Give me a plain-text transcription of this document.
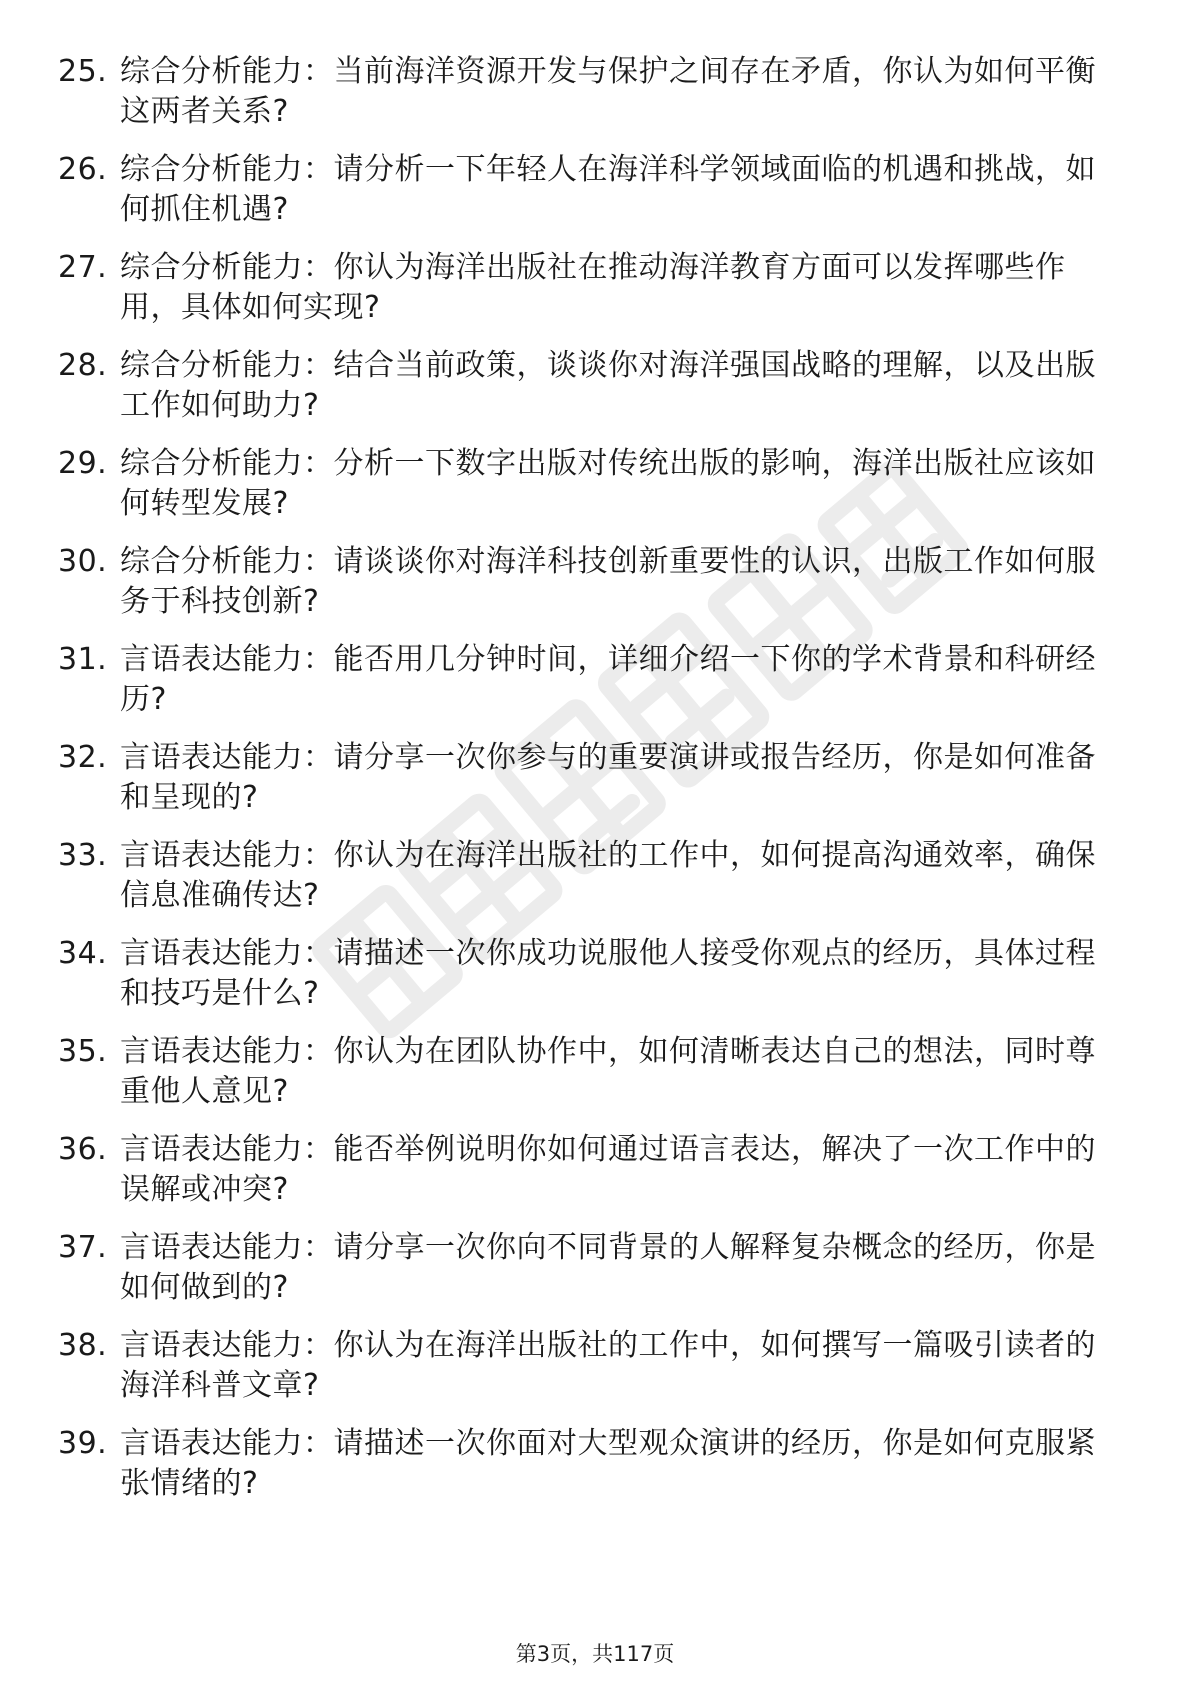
25. 综合分析能力：当前海洋资源开发与保护之间存在矛盾，你认为如何平衡这两者关系?
26. 综合分析能力：请分析一下年轻人在海洋科学领域面临的机遇和挑战，如何抓住机遇?
27. 综合分析能力：你认为海洋出版社在推动海洋教育方面可以发挥哪些作用，具体如何实现?
28. 综合分析能力：结合当前政策，谈谈你对海洋强国战略的理解，以及出版工作如何助力?
29. 综合分析能力：分析一下数字出版对传统出版的影响，海洋出版社应该如何转型发展?
30. 综合分析能力：请谈谈你对海洋科技创新重要性的认识，出版工作如何服务于科技创新?
31. 言语表达能力：能否用几分钟时间，详细介绍一下你的学术背景和科研经历?
32. 言语表达能力：请分享一次你参与的重要演讲或报告经历，你是如何准备和呈现的?
33. 言语表达能力：你认为在海洋出版社的工作中，如何提高沟通效率，确保信息准确传达?
34. 言语表达能力：请描述一次你成功说服他人接受你观点的经历，具体过程和技巧是什么?
35. 言语表达能力：你认为在团队协作中，如何清晰表达自己的想法，同时尊重他人意见?
36. 言语表达能力：能否举例说明你如何通过语言表达，解决了一次工作中的误解或冲突?
37. 言语表达能力：请分享一次你向不同背景的人解释复杂概念的经历，你是如何做到的?
38. 言语表达能力：你认为在海洋出版社的工作中，如何撰写一篇吸引读者的海洋科普文章?
39. 言语表达能力：请描述一次你面对大型观众演讲的经历，你是如何克服紧张情绪的?
第3页，共117页
